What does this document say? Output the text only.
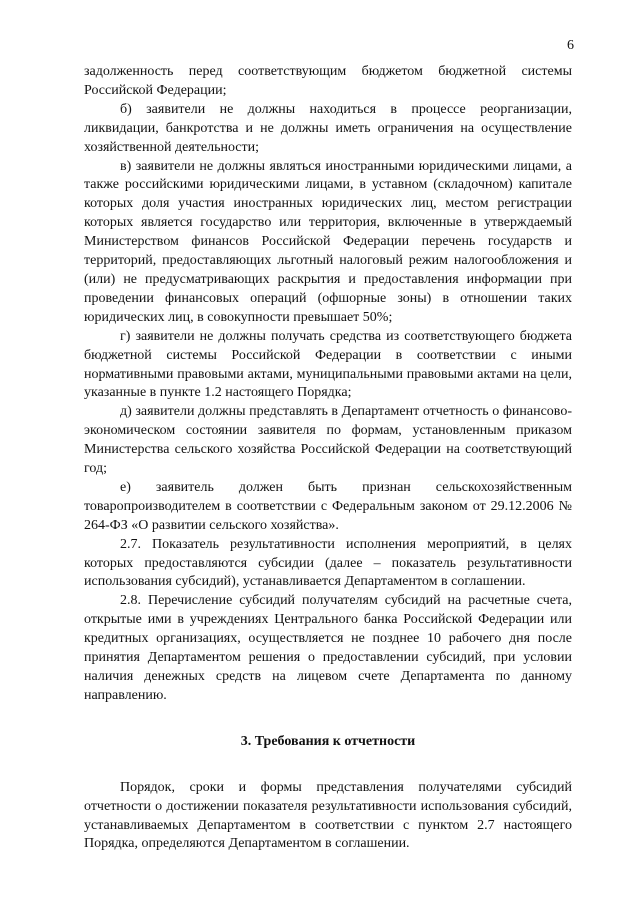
6

задолженность перед соответствующим бюджетом бюджетной системы Российской Федерации;

б) заявители не должны находиться в процессе реорганизации, ликвидации, банкротства и не должны иметь ограничения на осуществление хозяйственной деятельности;

в) заявители не должны являться иностранными юридическими лицами, а также российскими юридическими лицами, в уставном (складочном) капитале которых доля участия иностранных юридических лиц, местом регистрации которых является государство или территория, включенные в утверждаемый Министерством финансов Российской Федерации перечень государств и территорий, предоставляющих льготный налоговый режим налогообложения и (или) не предусматривающих раскрытия и предоставления информации при проведении финансовых операций (офшорные зоны) в отношении таких юридических лиц, в совокупности превышает 50%;

г) заявители не должны получать средства из соответствующего бюджета бюджетной системы Российской Федерации в соответствии с иными нормативными правовыми актами, муниципальными правовыми актами на цели, указанные в пункте 1.2 настоящего Порядка;

д) заявители должны представлять в Департамент отчетность о финансово-экономическом состоянии заявителя по формам, установленным приказом Министерства сельского хозяйства Российской Федерации на соответствующий год;

е) заявитель должен быть признан сельскохозяйственным товаропроизводителем в соответствии с Федеральным законом от 29.12.2006 № 264-ФЗ «О развитии сельского хозяйства».

2.7. Показатель результативности исполнения мероприятий, в целях которых предоставляются субсидии (далее – показатель результативности использования субсидий), устанавливается Департаментом в соглашении.

2.8. Перечисление субсидий получателям субсидий на расчетные счета, открытые ими в учреждениях Центрального банка Российской Федерации или кредитных организациях, осуществляется не позднее 10 рабочего дня после принятия Департаментом решения о предоставлении субсидий, при условии наличия денежных средств на лицевом счете Департамента по данному направлению.

3. Требования к отчетности

Порядок, сроки и формы представления получателями субсидий отчетности о достижении показателя результативности использования субсидий, устанавливаемых Департаментом в соответствии с пунктом 2.7 настоящего Порядка, определяются Департаментом в соглашении.
